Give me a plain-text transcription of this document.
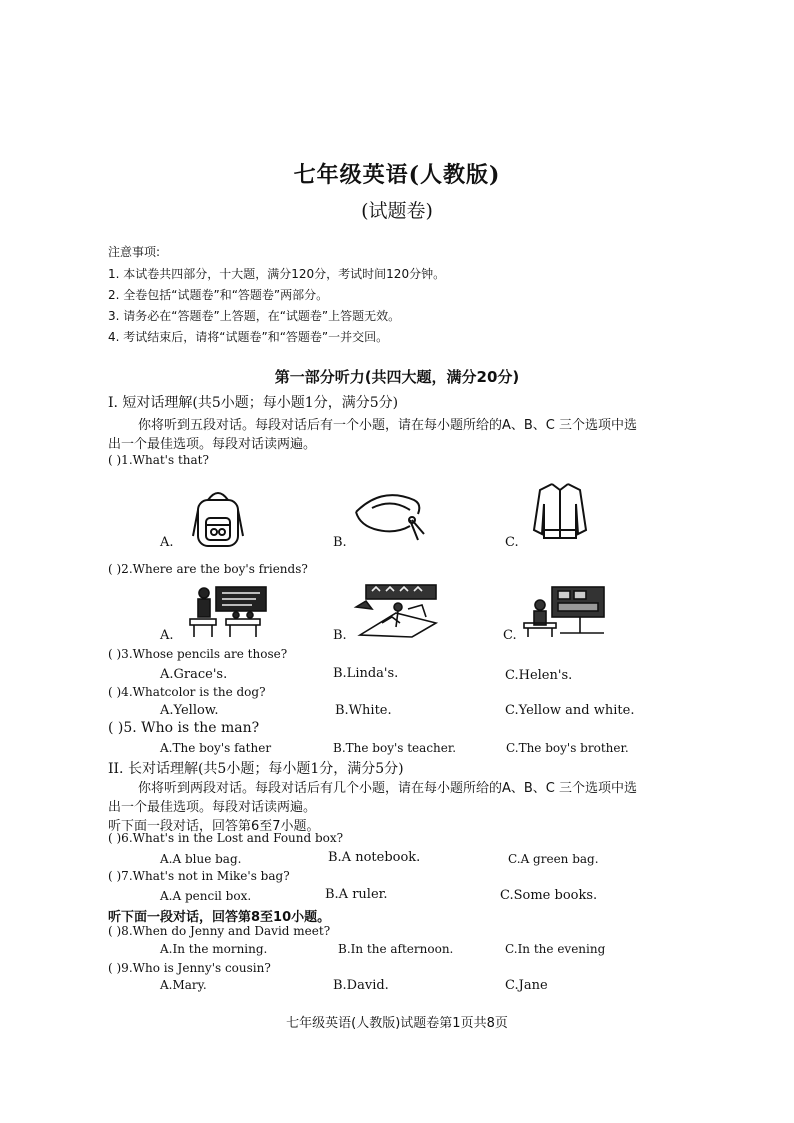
七年级英语(人教版)
(试题卷)
注意事项:
1. 本试卷共四部分，十大题，满分120分，考试时间120分钟。
2. 全卷包括“试题卷”和“答题卷”两部分。
3. 请务必在“答题卷”上答题，在“试题卷”上答题无效。
4. 考试结束后，请将“试题卷”和“答题卷”一并交回。
第一部分听力(共四大题，满分20分)
I. 短对话理解(共5小题；每小题1分，满分5分)
你将听到五段对话。每段对话后有一个小题，请在每小题所给的A、B、C 三个选项中选
出一个最佳选项。每段对话读两遍。
( )1.What's that?
A.	B.	C.
( )2.Where are the boy's friends?
A.	B.	C.
( )3.Whose pencils are those?
A.Grace's.	B.Linda's.	C.Helen's.
( )4.Whatcolor is the dog?
A.Yellow.	B.White.	C.Yellow and white.
( )5. Who is the man?
A.The boy's father	B.The boy's teacher.	C.The boy's brother.
II. 长对话理解(共5小题；每小题1分，满分5分)
你将听到两段对话。每段对话后有几个小题，请在每小题所给的A、B、C 三个选项中选
出一个最佳选项。每段对话读两遍。
听下面一段对话，回答第6至7小题。
( )6.What's in the Lost and Found box?
A.A blue bag.	B.A notebook.	C.A green bag.
( )7.What's not in Mike's bag?
A.A pencil box.	B.A ruler.	C.Some books.
听下面一段对话，回答第8至10小题。
( )8.When do Jenny and David meet?
A.In the morning.	B.In the afternoon.	C.In the evening
( )9.Who is Jenny's cousin?
A.Mary.	B.David.	C.Jane
七年级英语(人教版)试题卷第1页共8页
